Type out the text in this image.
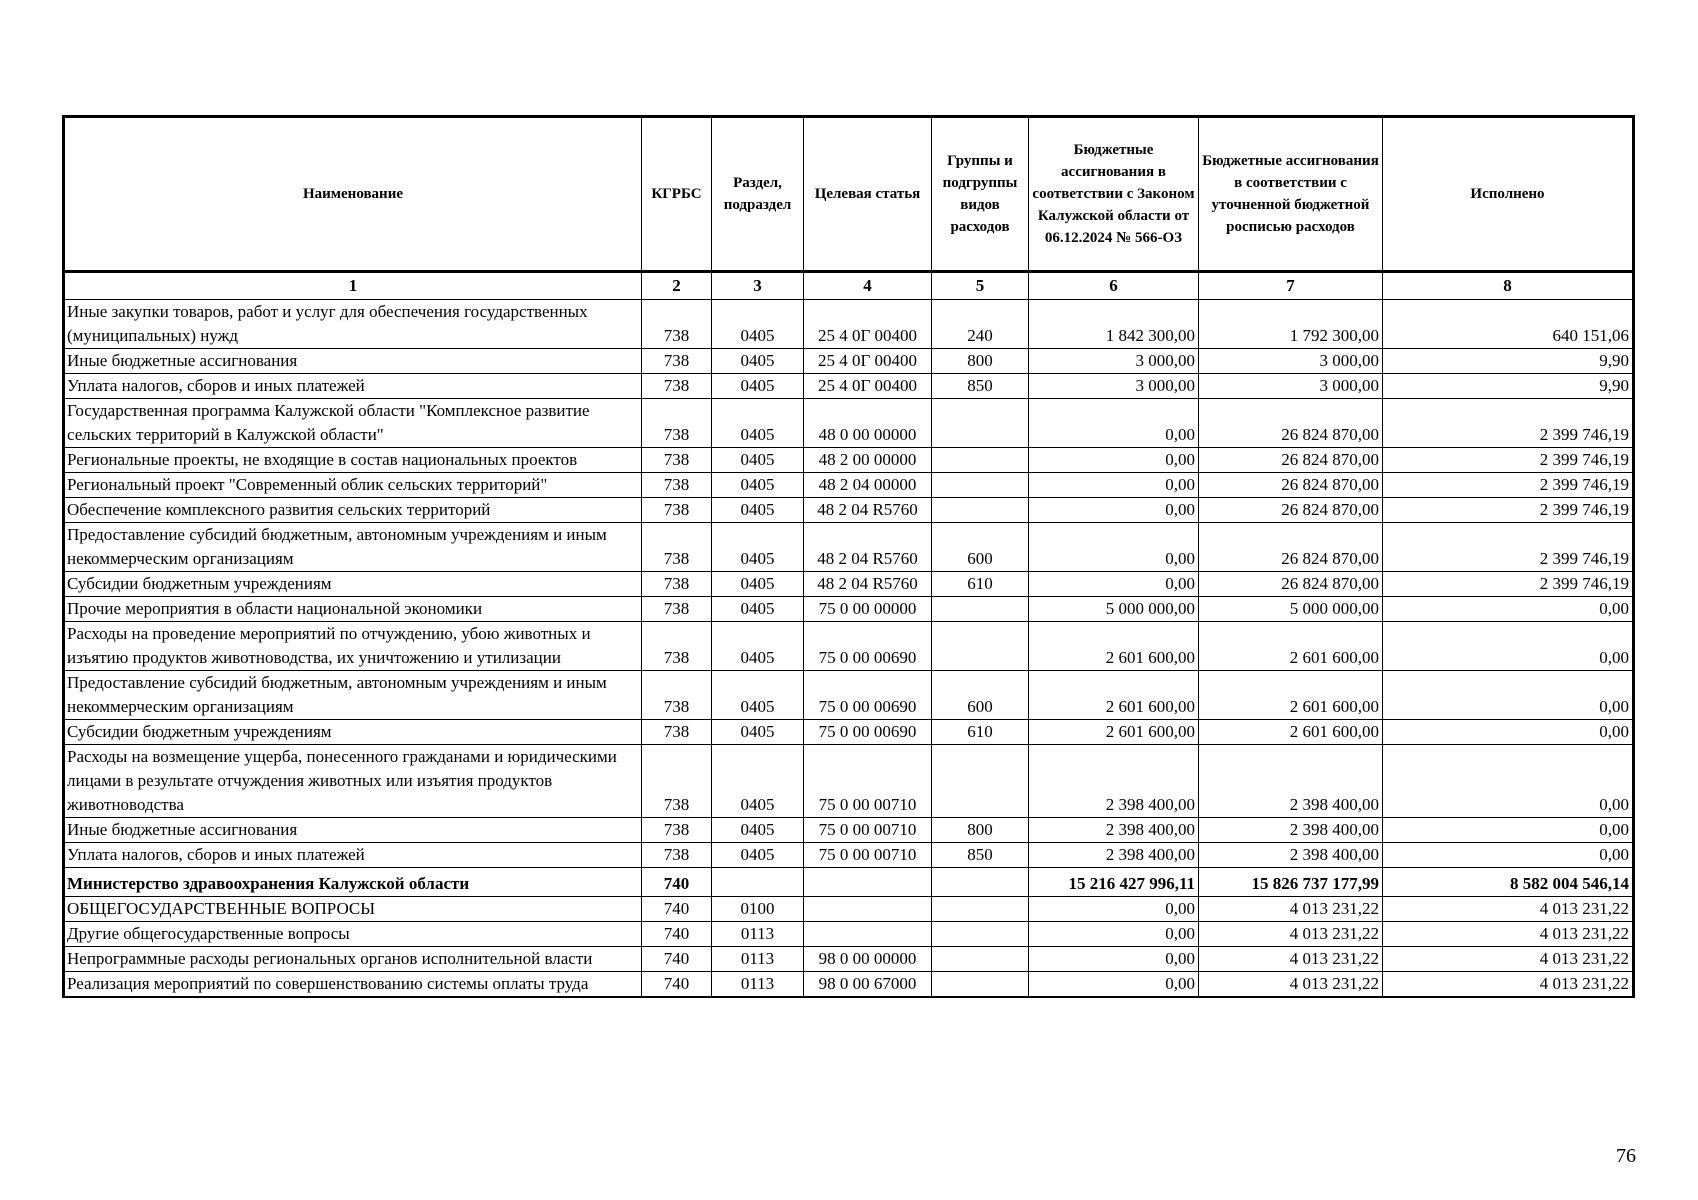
Наименование	КГРБС	Раздел, подраздел	Целевая статья	Группы и подгруппы видов расходов	Бюджетные ассигнования в соответствии с Законом Калужской области от 06.12.2024 № 566-ОЗ	Бюджетные ассигнования в соответствии с уточненной бюджетной росписью расходов	Исполнено
1	2	3	4	5	6	7	8
Иные закупки товаров, работ и услуг для обеспечения государственных (муниципальных) нужд	738	0405	25 4 0Г 00400	240	1 842 300,00	1 792 300,00	640 151,06
Иные бюджетные ассигнования	738	0405	25 4 0Г 00400	800	3 000,00	3 000,00	9,90
Уплата налогов, сборов и иных платежей	738	0405	25 4 0Г 00400	850	3 000,00	3 000,00	9,90
Государственная программа Калужской области "Комплексное развитие сельских территорий в Калужской области"	738	0405	48 0 00 00000		0,00	26 824 870,00	2 399 746,19
Региональные проекты, не входящие в состав национальных проектов	738	0405	48 2 00 00000		0,00	26 824 870,00	2 399 746,19
Региональный проект "Современный облик сельских территорий"	738	0405	48 2 04 00000		0,00	26 824 870,00	2 399 746,19
Обеспечение комплексного развития сельских территорий	738	0405	48 2 04 R5760		0,00	26 824 870,00	2 399 746,19
Предоставление субсидий бюджетным, автономным учреждениям и иным некоммерческим организациям	738	0405	48 2 04 R5760	600	0,00	26 824 870,00	2 399 746,19
Субсидии бюджетным учреждениям	738	0405	48 2 04 R5760	610	0,00	26 824 870,00	2 399 746,19
Прочие мероприятия в области национальной экономики	738	0405	75 0 00 00000		5 000 000,00	5 000 000,00	0,00
Расходы на проведение мероприятий по отчуждению, убою животных и изъятию продуктов животноводства, их уничтожению и утилизации	738	0405	75 0 00 00690		2 601 600,00	2 601 600,00	0,00
Предоставление субсидий бюджетным, автономным учреждениям и иным некоммерческим организациям	738	0405	75 0 00 00690	600	2 601 600,00	2 601 600,00	0,00
Субсидии бюджетным учреждениям	738	0405	75 0 00 00690	610	2 601 600,00	2 601 600,00	0,00
Расходы на возмещение ущерба, понесенного гражданами и юридическими лицами в результате отчуждения животных или изъятия продуктов животноводства	738	0405	75 0 00 00710		2 398 400,00	2 398 400,00	0,00
Иные бюджетные ассигнования	738	0405	75 0 00 00710	800	2 398 400,00	2 398 400,00	0,00
Уплата налогов, сборов и иных платежей	738	0405	75 0 00 00710	850	2 398 400,00	2 398 400,00	0,00
Министерство здравоохранения Калужской области	740				15 216 427 996,11	15 826 737 177,99	8 582 004 546,14
ОБЩЕГОСУДАРСТВЕННЫЕ ВОПРОСЫ	740	0100			0,00	4 013 231,22	4 013 231,22
Другие общегосударственные вопросы	740	0113			0,00	4 013 231,22	4 013 231,22
Непрограммные расходы региональных органов исполнительной власти	740	0113	98 0 00 00000		0,00	4 013 231,22	4 013 231,22
Реализация мероприятий по совершенствованию системы оплаты труда	740	0113	98 0 00 67000		0,00	4 013 231,22	4 013 231,22
76
